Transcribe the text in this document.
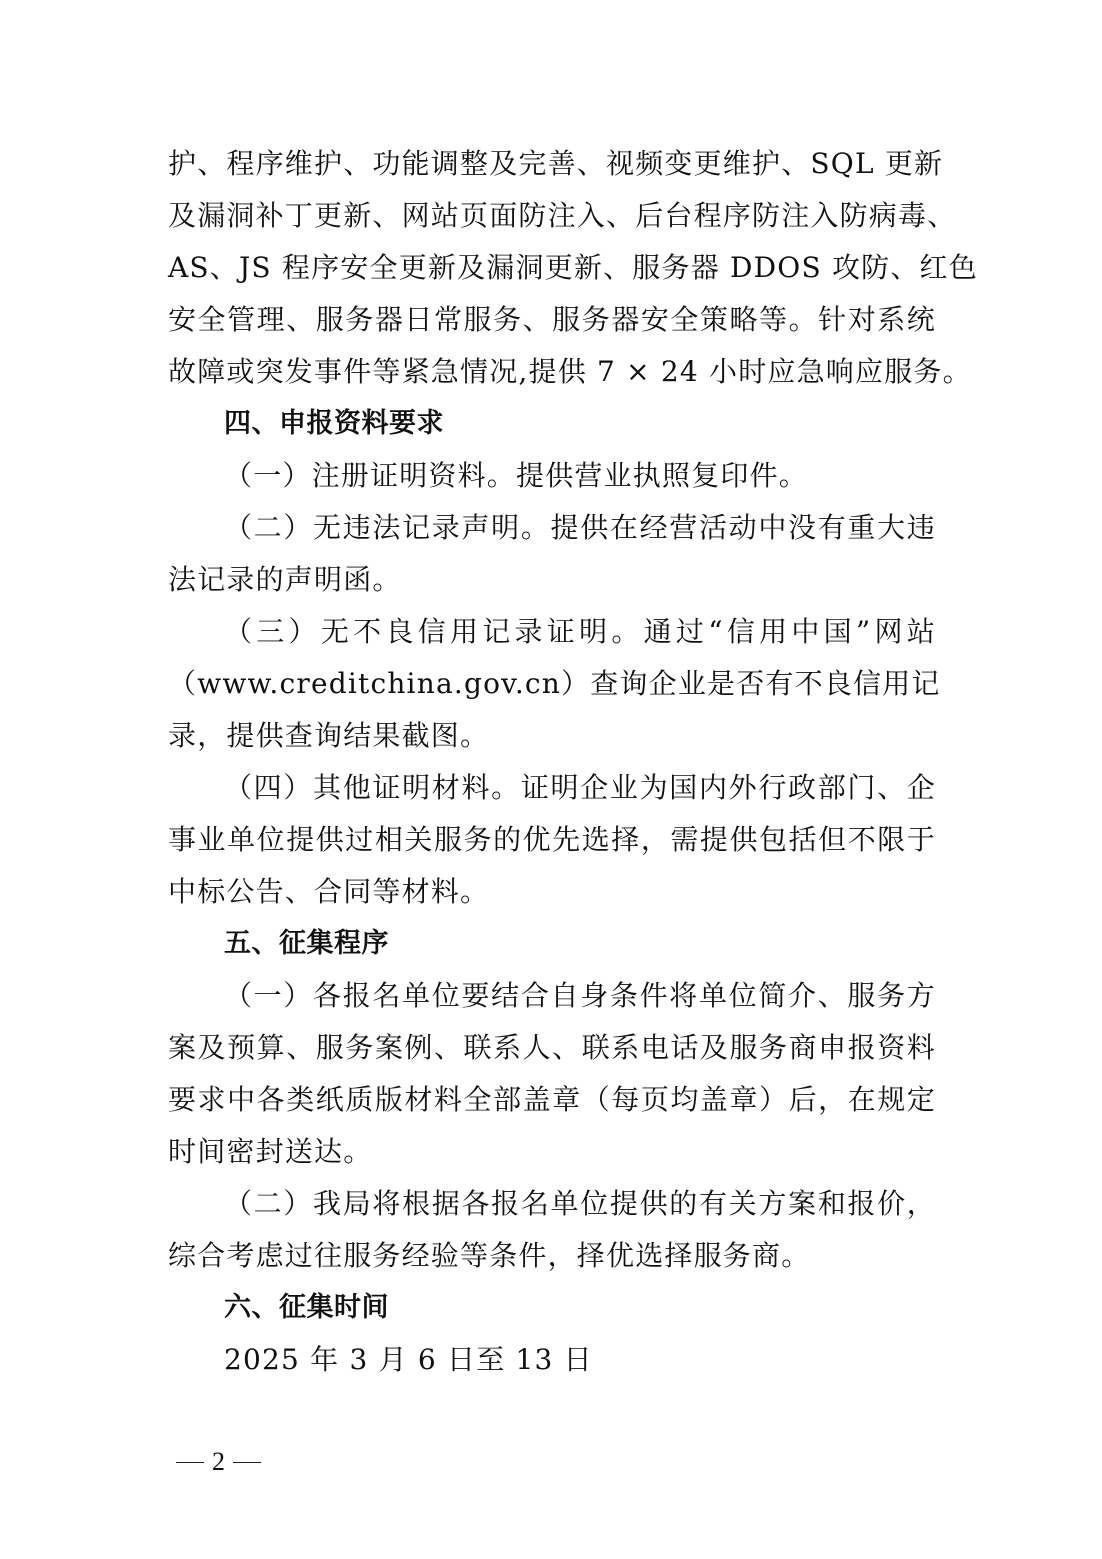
护、程序维护、功能调整及完善、视频变更维护、SQL 更新
及漏洞补丁更新、网站页面防注入、后台程序防注入防病毒、
AS、JS 程序安全更新及漏洞更新、服务器 DDOS 攻防、红色
安全管理、服务器日常服务、服务器安全策略等。针对系统
故障或突发事件等紧急情况,提供 7 × 24 小时应急响应服务。
四、申报资料要求
（一）注册证明资料。提供营业执照复印件。
（二）无违法记录声明。提供在经营活动中没有重大违
法记录的声明函。
（三）无不良信用记录证明。通过“信用中国”网站
（www.creditchina.gov.cn）查询企业是否有不良信用记
录，提供查询结果截图。
（四）其他证明材料。证明企业为国内外行政部门、企
事业单位提供过相关服务的优先选择，需提供包括但不限于
中标公告、合同等材料。
五、征集程序
（一）各报名单位要结合自身条件将单位简介、服务方
案及预算、服务案例、联系人、联系电话及服务商申报资料
要求中各类纸质版材料全部盖章（每页均盖章）后，在规定
时间密封送达。
（二）我局将根据各报名单位提供的有关方案和报价，
综合考虑过往服务经验等条件，择优选择服务商。
六、征集时间
2025 年 3 月 6 日至 13 日
2
